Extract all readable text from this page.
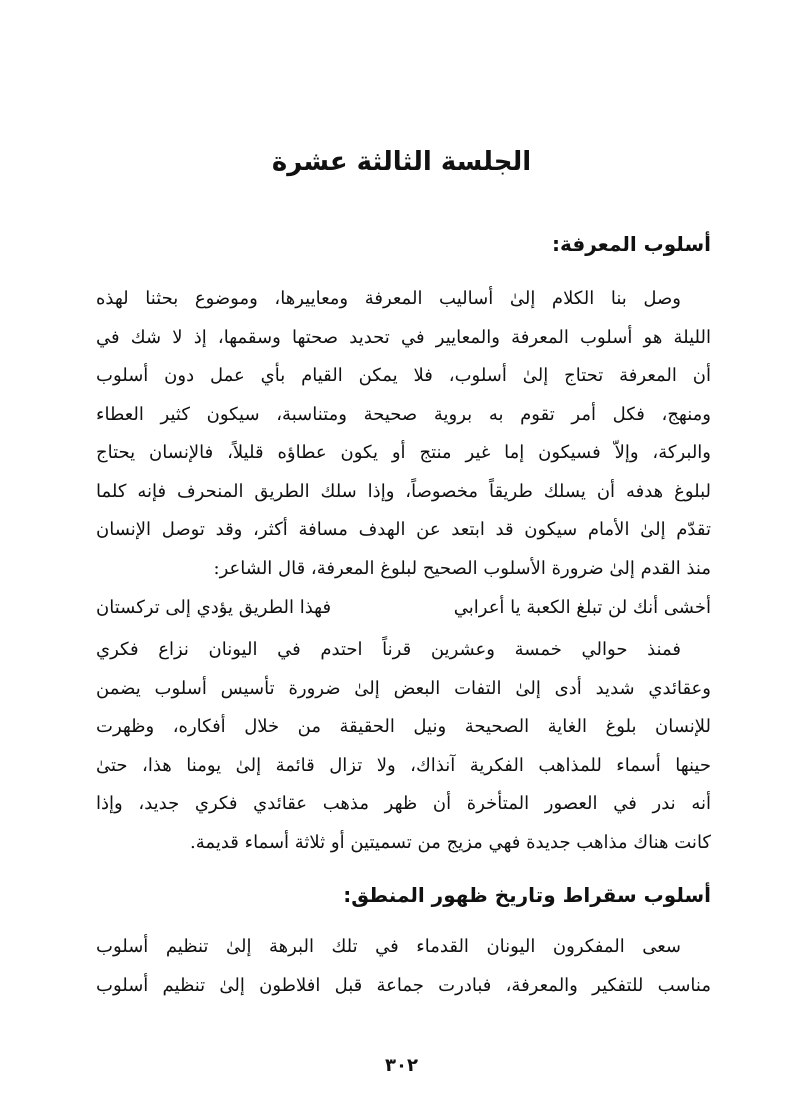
الجلسة الثالثة عشرة
أسلوب المعرفة:
وصل بنا الكلام إلىٰ أساليب المعرفة ومعاييرها، وموضوع بحثنا لهذه
الليلة هو أسلوب المعرفة والمعايير في تحديد صحتها وسقمها، إذ لا شك في
أن المعرفة تحتاج إلىٰ أسلوب، فلا يمكن القيام بأي عمل دون أسلوب
ومنهج، فكل أمر تقوم به بروية صحيحة ومتناسبة، سيكون كثير العطاء
والبركة، وإلاّ فسيكون إما غير منتج أو يكون عطاؤه قليلاً، فالإنسان يحتاج
لبلوغ هدفه أن يسلك طريقاً مخصوصاً، وإذا سلك الطريق المنحرف فإنه كلما
تقدّم إلىٰ الأمام سيكون قد ابتعد عن الهدف مسافة أكثر، وقد توصل الإنسان
منذ القدم إلىٰ ضرورة الأسلوب الصحيح لبلوغ المعرفة، قال الشاعر:
أخشى أنك لن تبلغ الكعبة يا أعرابي
فهذا الطريق يؤدي إلى تركستان
فمنذ حوالي خمسة وعشرين قرناً احتدم في اليونان نزاع فكري
وعقائدي شديد أدى إلىٰ التفات البعض إلىٰ ضرورة تأسيس أسلوب يضمن
للإنسان بلوغ الغاية الصحيحة ونيل الحقيقة من خلال أفكاره، وظهرت
حينها أسماء للمذاهب الفكرية آنذاك، ولا تزال قائمة إلىٰ يومنا هذا، حتىٰ
أنه ندر في العصور المتأخرة أن ظهر مذهب عقائدي فكري جديد، وإذا
كانت هناك مذاهب جديدة فهي مزيج من تسميتين أو ثلاثة أسماء قديمة.
أسلوب سقراط وتاريخ ظهور المنطق:
سعى المفكرون اليونان القدماء في تلك البرهة إلىٰ تنظيم أسلوب
مناسب للتفكير والمعرفة، فبادرت جماعة قبل افلاطون إلىٰ تنظيم أسلوب
٣٠٢
